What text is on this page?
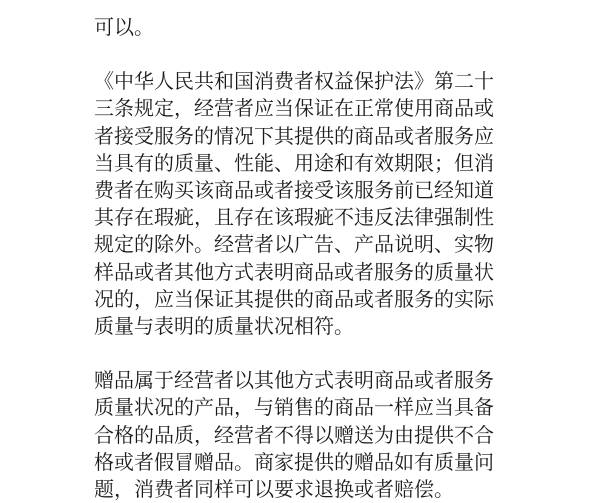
可以。

《中华人民共和国消费者权益保护法》第二十
三条规定，经营者应当保证在正常使用商品或
者接受服务的情况下其提供的商品或者服务应
当具有的质量、性能、用途和有效期限；但消
费者在购买该商品或者接受该服务前已经知道
其存在瑕疵，且存在该瑕疵不违反法律强制性
规定的除外。经营者以广告、产品说明、实物
样品或者其他方式表明商品或者服务的质量状
况的，应当保证其提供的商品或者服务的实际
质量与表明的质量状况相符。

赠品属于经营者以其他方式表明商品或者服务
质量状况的产品，与销售的商品一样应当具备
合格的品质，经营者不得以赠送为由提供不合
格或者假冒赠品。商家提供的赠品如有质量问
题，消费者同样可以要求退换或者赔偿。
